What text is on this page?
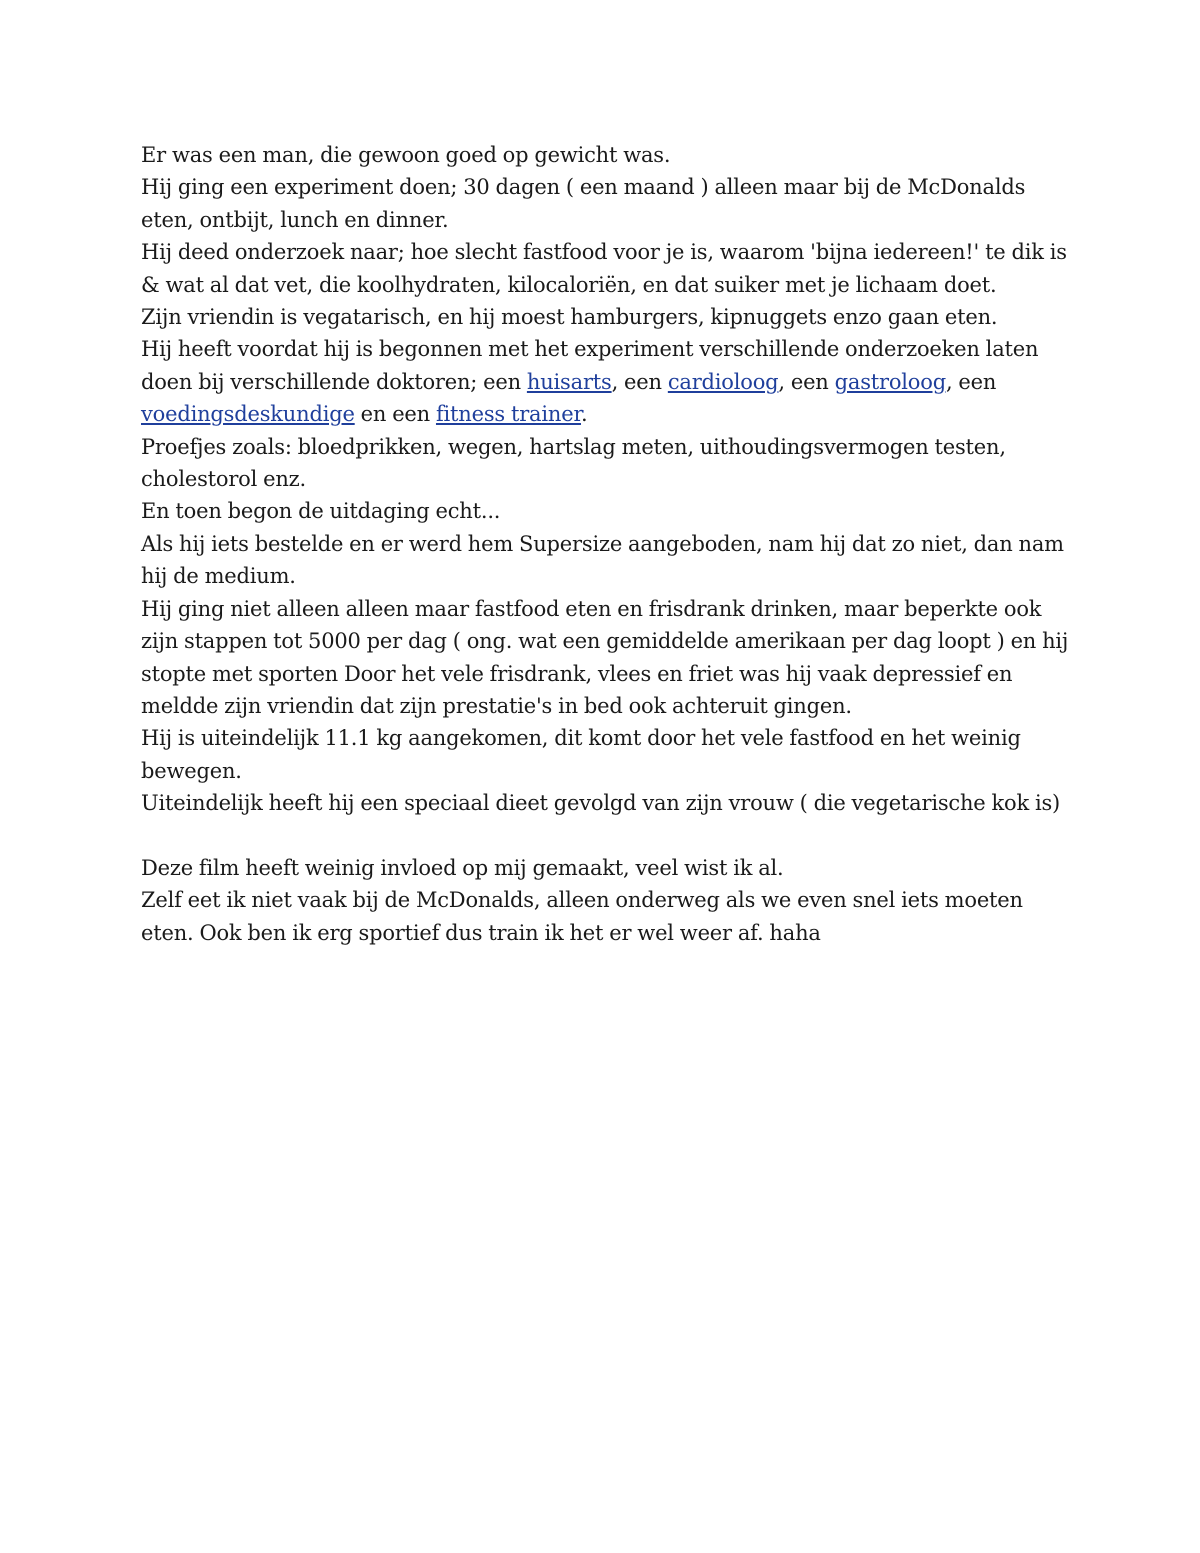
Er was een man, die gewoon goed op gewicht was.

Hij ging een experiment doen; 30 dagen ( een maand ) alleen maar bij de McDonalds eten, ontbijt, lunch en dinner.

Hij deed onderzoek naar; hoe slecht fastfood voor je is, waarom 'bijna iedereen!' te dik is & wat al dat vet, die koolhydraten, kilocaloriën, en dat suiker met je lichaam doet.

Zijn vriendin is vegatarisch, en hij moest hamburgers, kipnuggets enzo gaan eten.

Hij heeft voordat hij is begonnen met het experiment verschillende onderzoeken laten doen bij verschillende doktoren; een huisarts, een cardioloog, een gastroloog, een voedingsdeskundige en een fitness trainer.

Proefjes zoals: bloedprikken, wegen, hartslag meten, uithoudingsvermogen testen, cholestorol enz.

En toen begon de uitdaging echt...

Als hij iets bestelde en er werd hem Supersize aangeboden, nam hij dat zo niet, dan nam hij de medium.

Hij ging niet alleen alleen maar fastfood eten en frisdrank drinken, maar beperkte ook zijn stappen tot 5000 per dag ( ong. wat een gemiddelde amerikaan per dag loopt ) en hij stopte met sporten Door het vele frisdrank, vlees en friet was hij vaak depressief en meldde zijn vriendin dat zijn prestatie's in bed ook achteruit gingen.

Hij is uiteindelijk 11.1 kg aangekomen, dit komt door het vele fastfood en het weinig bewegen.

Uiteindelijk heeft hij een speciaal dieet gevolgd van zijn vrouw ( die vegetarische kok is)

Deze film heeft weinig invloed op mij gemaakt, veel wist ik al.

Zelf eet ik niet vaak bij de McDonalds, alleen onderweg als we even snel iets moeten eten. Ook ben ik erg sportief dus train ik het er wel weer af. haha
